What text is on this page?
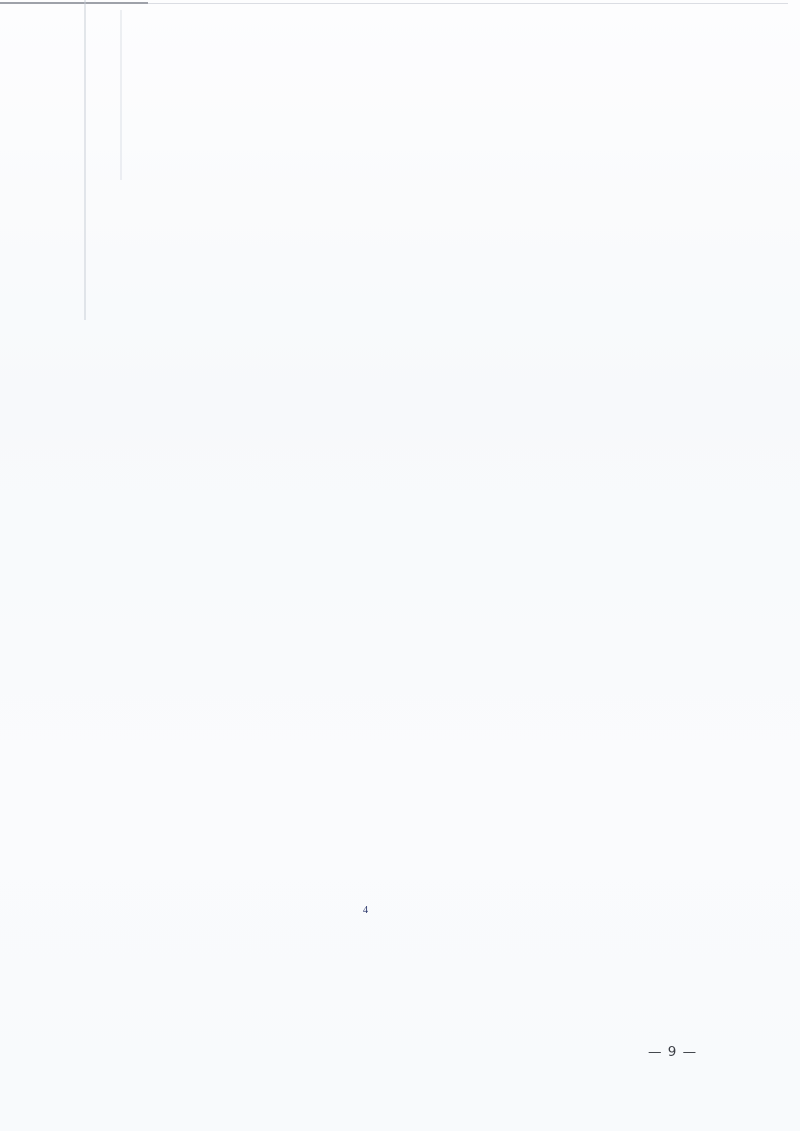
4
— 9 —
